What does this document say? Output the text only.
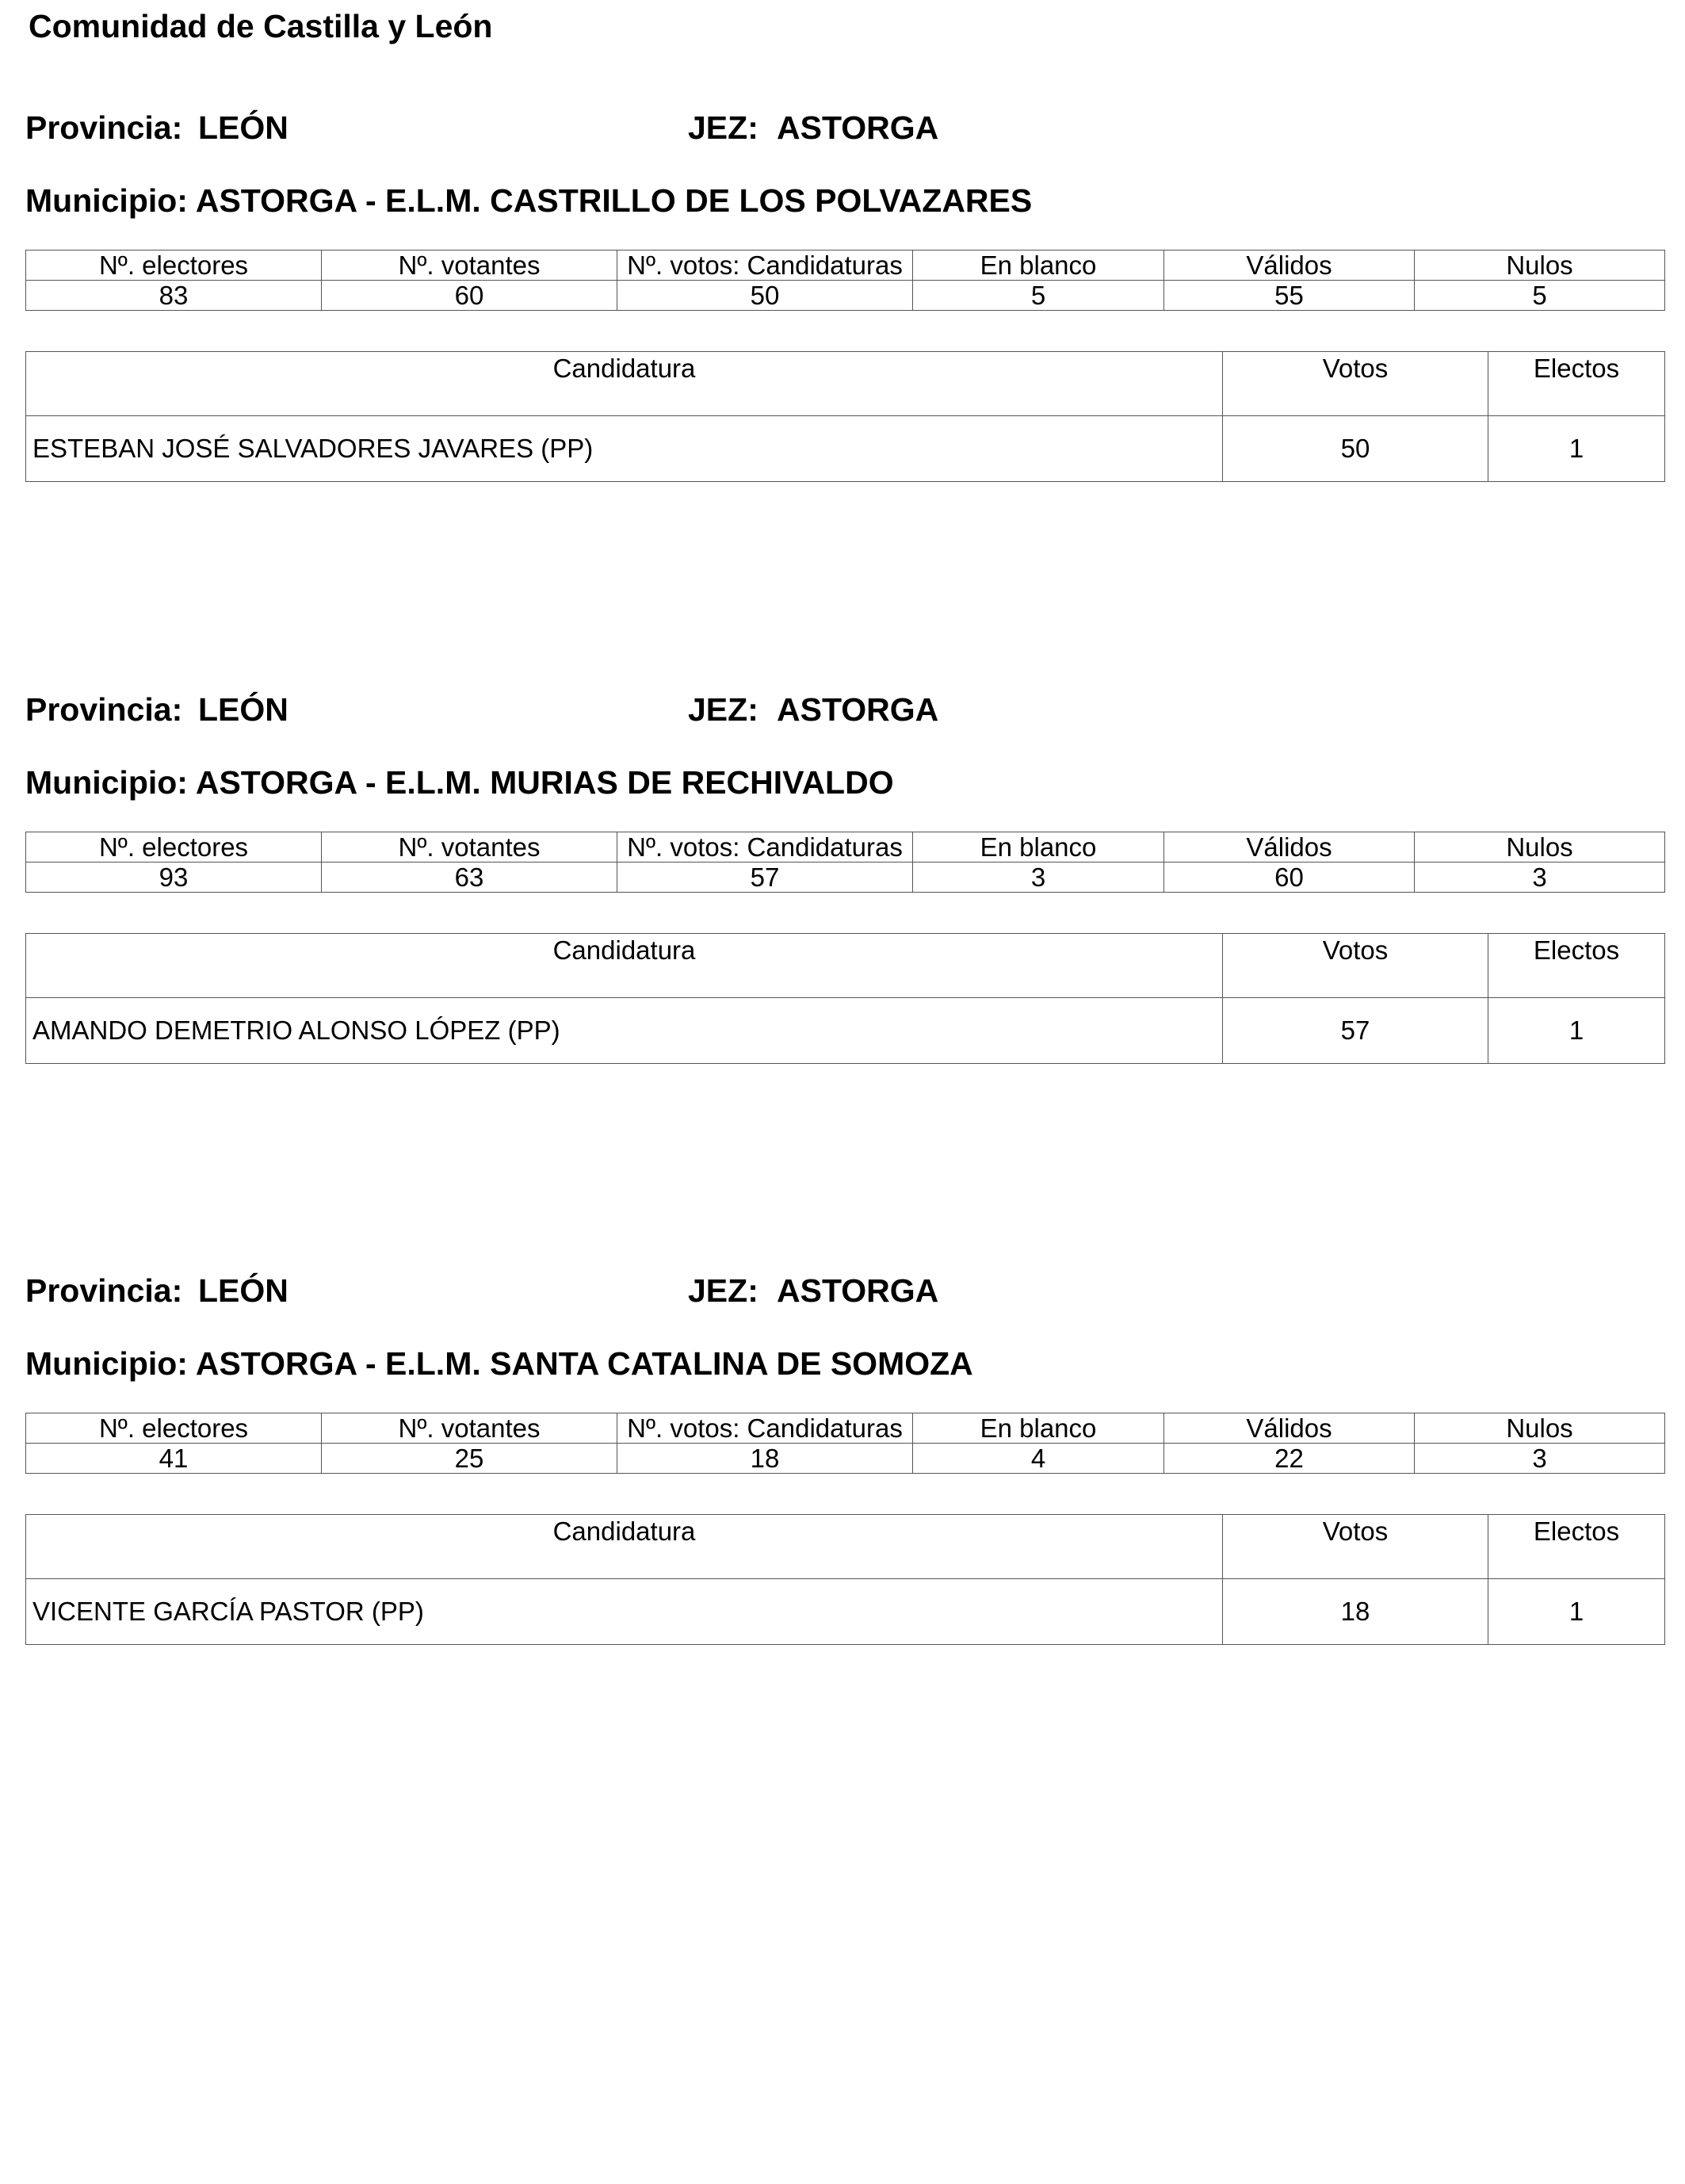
Comunidad de Castilla y León
Provincia: LEÓN	JEZ: ASTORGA
Municipio: ASTORGA - E.L.M. CASTRILLO DE LOS POLVAZARES
Nº. electores	Nº. votantes	Nº. votos: Candidaturas	En blanco	Válidos	Nulos
83	60	50	5	55	5
Candidatura	Votos	Electos
ESTEBAN JOSÉ SALVADORES JAVARES (PP)	50	1
Provincia: LEÓN	JEZ: ASTORGA
Municipio: ASTORGA - E.L.M. MURIAS DE RECHIVALDO
Nº. electores	Nº. votantes	Nº. votos: Candidaturas	En blanco	Válidos	Nulos
93	63	57	3	60	3
Candidatura	Votos	Electos
AMANDO DEMETRIO ALONSO LÓPEZ (PP)	57	1
Provincia: LEÓN	JEZ: ASTORGA
Municipio: ASTORGA - E.L.M. SANTA CATALINA DE SOMOZA
Nº. electores	Nº. votantes	Nº. votos: Candidaturas	En blanco	Válidos	Nulos
41	25	18	4	22	3
Candidatura	Votos	Electos
VICENTE GARCÍA PASTOR (PP)	18	1
